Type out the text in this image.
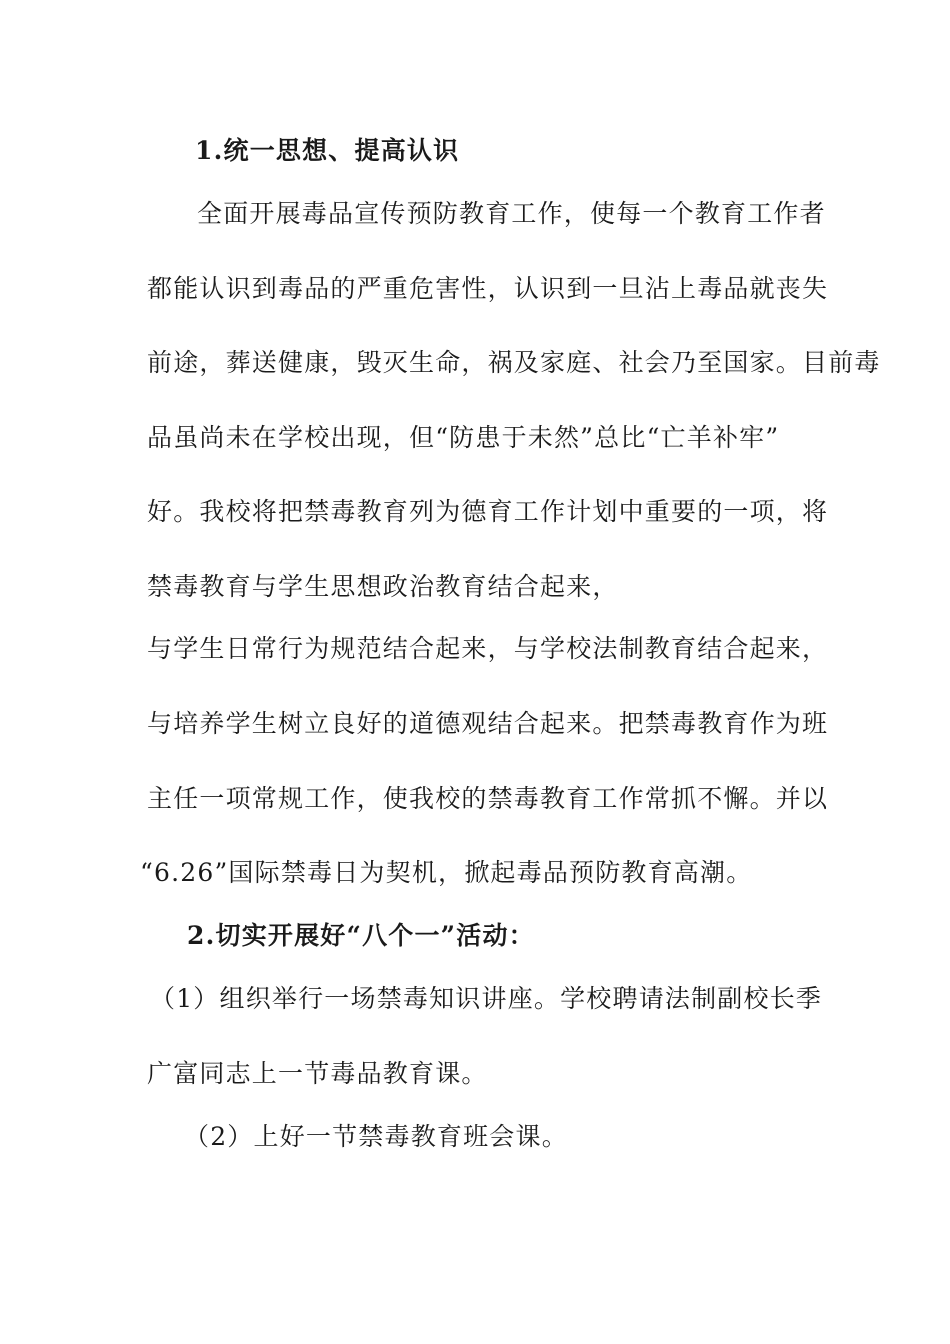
1.统一思想、提高认识
全面开展毒品宣传预防教育工作，使每一个教育工作者
都能认识到毒品的严重危害性，认识到一旦沾上毒品就丧失
前途，葬送健康，毁灭生命，祸及家庭、社会乃至国家。目前毒
品虽尚未在学校出现，但“防患于未然”总比“亡羊补牢”
好。我校将把禁毒教育列为德育工作计划中重要的一项，将
禁毒教育与学生思想政治教育结合起来，
与学生日常行为规范结合起来，与学校法制教育结合起来，
与培养学生树立良好的道德观结合起来。把禁毒教育作为班
主任一项常规工作，使我校的禁毒教育工作常抓不懈。并以
“6.26”国际禁毒日为契机，掀起毒品预防教育高潮。
2.切实开展好“八个一”活动：
（1）组织举行一场禁毒知识讲座。学校聘请法制副校长季
广富同志上一节毒品教育课。
（2）上好一节禁毒教育班会课。
